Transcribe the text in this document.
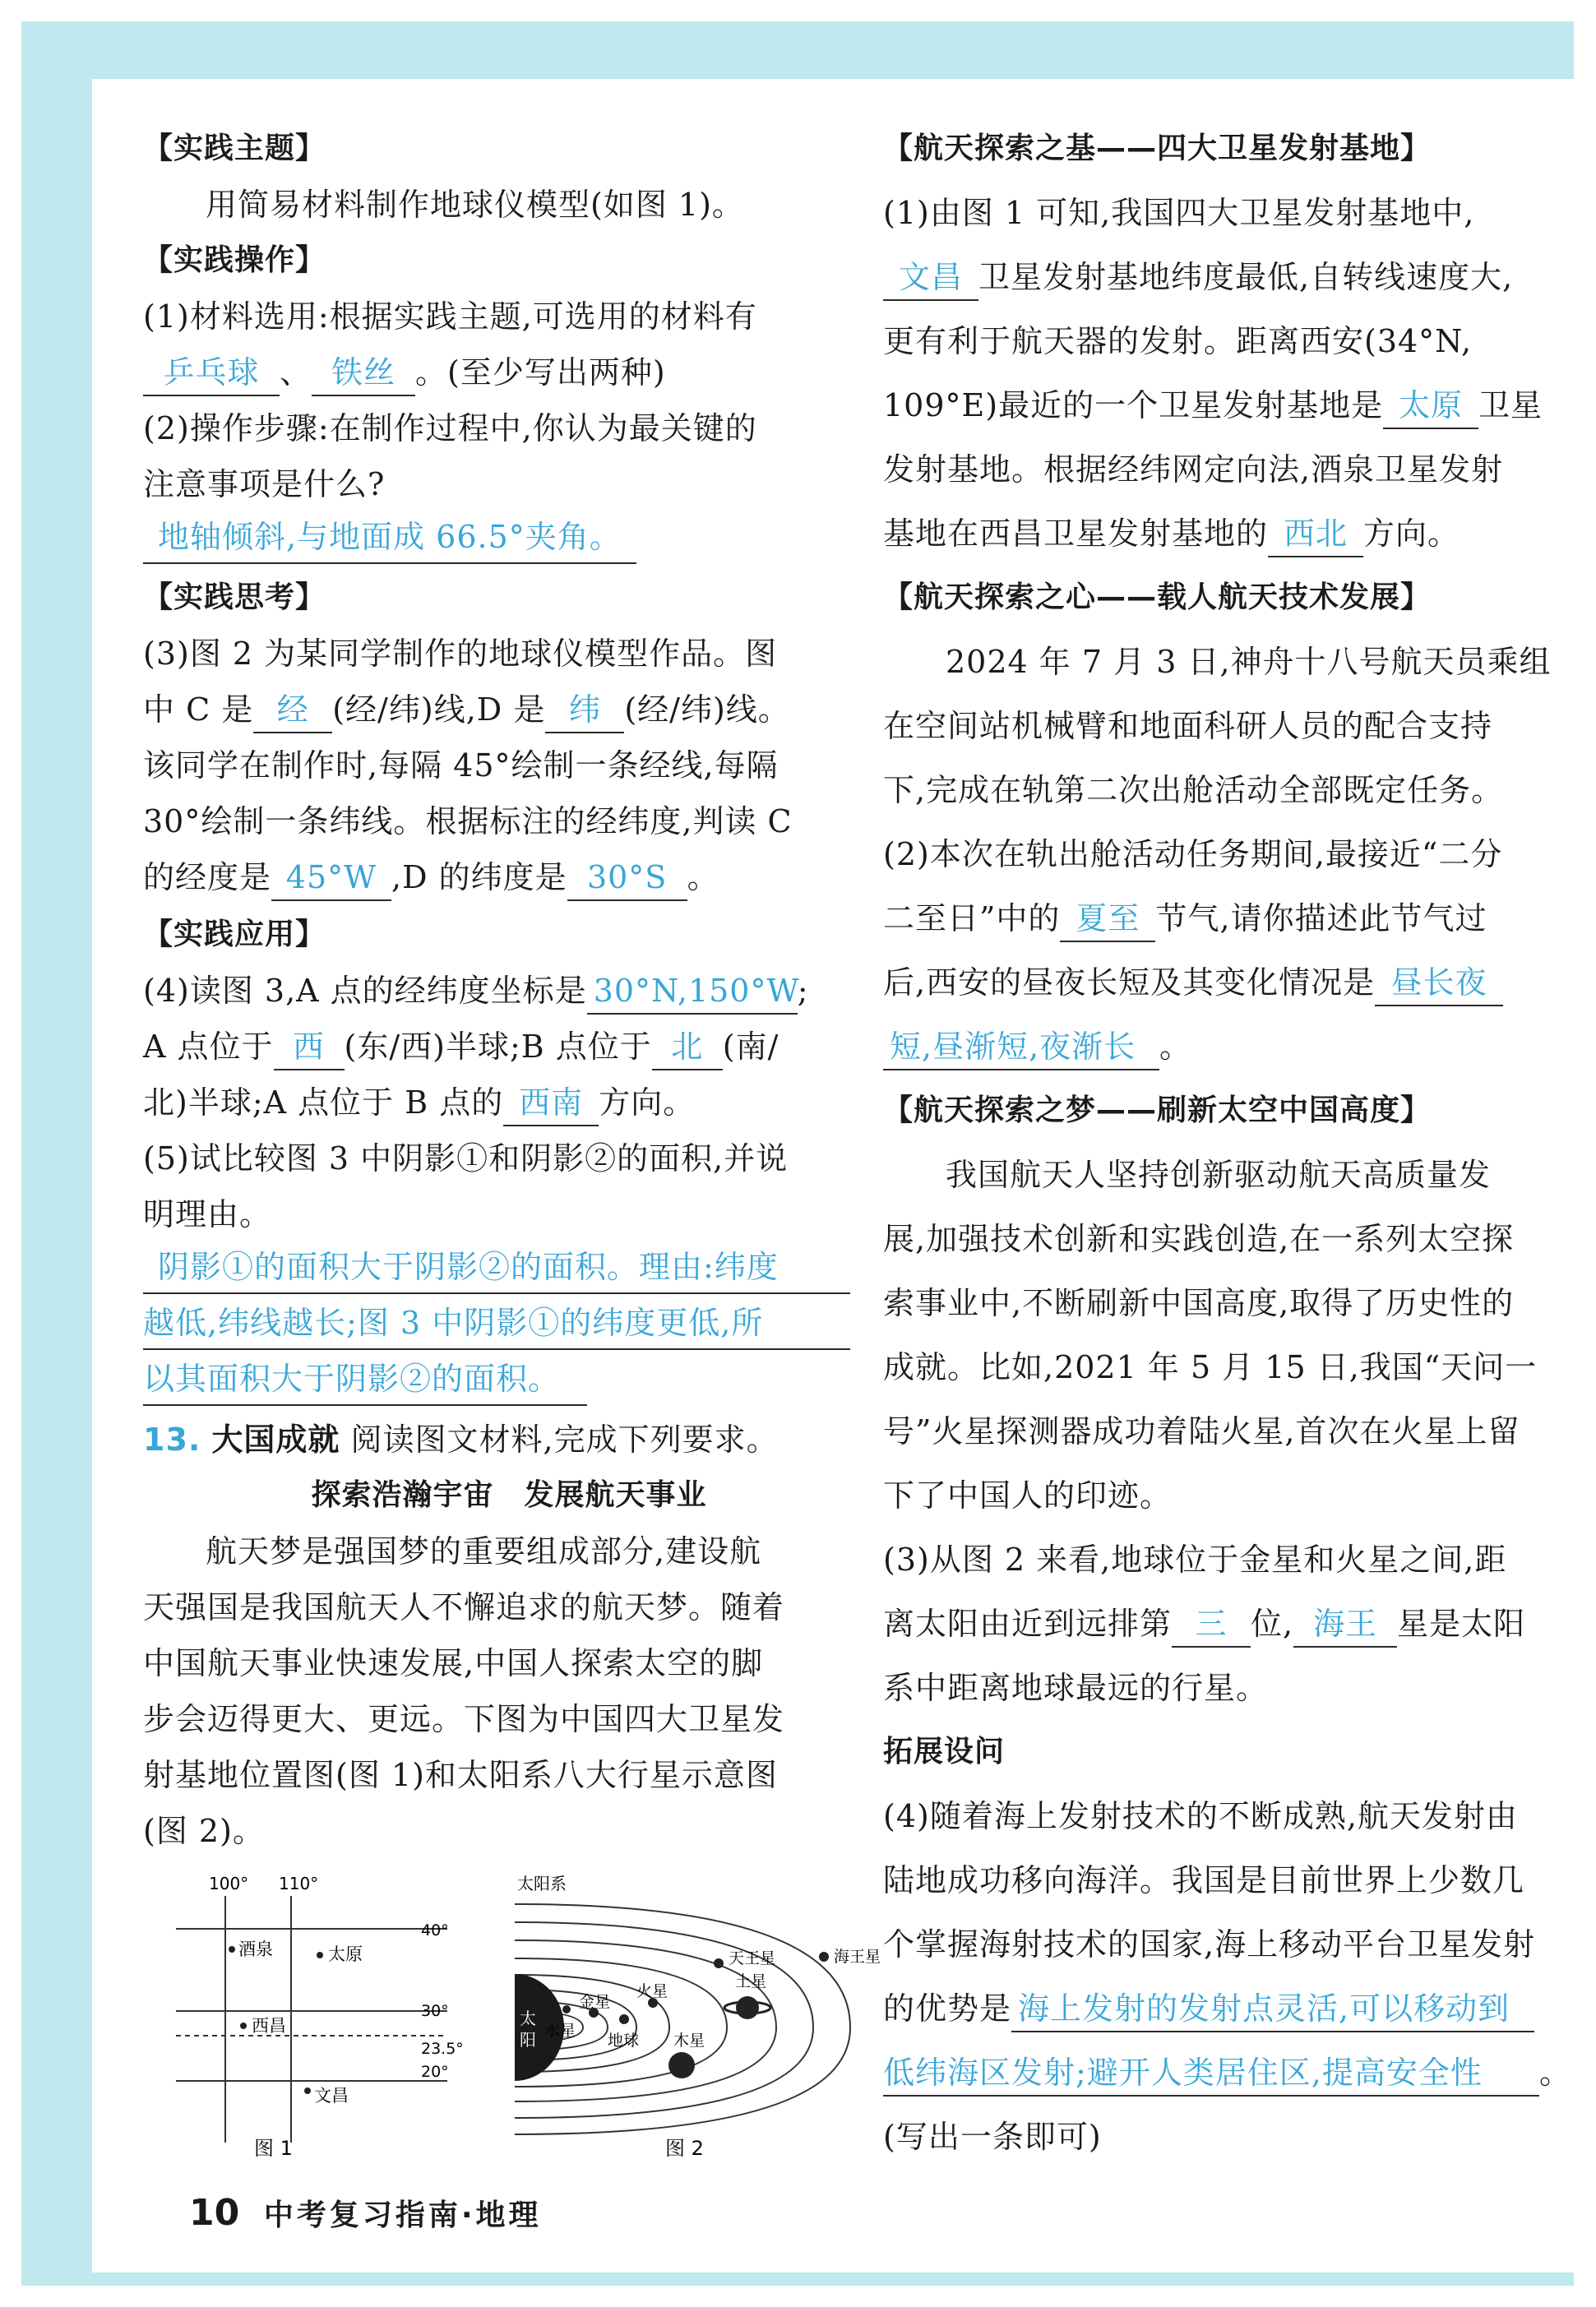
【实践主题】
用简易材料制作地球仪模型(如图 1)。
【实践操作】
(1)材料选用:根据实践主题,可选用的材料有
乒乓球 、 铁丝 。(至少写出两种)
(2)操作步骤:在制作过程中,你认为最关键的
注意事项是什么?
地轴倾斜,与地面成 66.5°夹角。
【实践思考】
(3)图 2 为某同学制作的地球仪模型作品。图
中 C 是 经 (经/纬)线,D 是 纬 (经/纬)线。
该同学在制作时,每隔 45°绘制一条经线,每隔
30°绘制一条纬线。根据标注的经纬度,判读 C
的经度是 45°W ,D 的纬度是 30°S 。
【实践应用】
(4)读图 3,A 点的经纬度坐标是 30°N,150°W;
A 点位于 西 (东/西)半球;B 点位于 北 (南/
北)半球;A 点位于 B 点的 西南 方向。
(5)试比较图 3 中阴影①和阴影②的面积,并说
明理由。
阴影①的面积大于阴影②的面积。理由:纬度
越低,纬线越长;图 3 中阴影①的纬度更低,所
以其面积大于阴影②的面积。
13. 大国成就 阅读图文材料,完成下列要求。
探索浩瀚宇宙　发展航天事业
航天梦是强国梦的重要组成部分,建设航
天强国是我国航天人不懈追求的航天梦。随着
中国航天事业快速发展,中国人探索太空的脚
步会迈得更大、更远。下图为中国四大卫星发
射基地位置图(图 1)和太阳系八大行星示意图
(图 2)。
100° 110°
40°
30°
23.5°
20°
酒泉	太原
西昌
文昌
图 1
太阳系
太
阳 水星
金星
地球
火星
木星
土星
天王星	海王星
图 2
【航天探索之基——四大卫星发射基地】
(1)由图 1 可知,我国四大卫星发射基地中,
文昌 卫星发射基地纬度最低,自转线速度大,
更有利于航天器的发射。距离西安(34°N,
109°E)最近的一个卫星发射基地是 太原 卫星
发射基地。根据经纬网定向法,酒泉卫星发射
基地在西昌卫星发射基地的 西北 方向。
【航天探索之心——载人航天技术发展】
2024 年 7 月 3 日,神舟十八号航天员乘组
在空间站机械臂和地面科研人员的配合支持
下,完成在轨第二次出舱活动全部既定任务。
(2)本次在轨出舱活动任务期间,最接近“二分
二至日”中的 夏至 节气,请你描述此节气过
后,西安的昼夜长短及其变化情况是 昼长夜
短,昼渐短,夜渐长 。
【航天探索之梦——刷新太空中国高度】
我国航天人坚持创新驱动航天高质量发
展,加强技术创新和实践创造,在一系列太空探
索事业中,不断刷新中国高度,取得了历史性的
成就。比如,2021 年 5 月 15 日,我国“天问一
号”火星探测器成功着陆火星,首次在火星上留
下了中国人的印迹。
(3)从图 2 来看,地球位于金星和火星之间,距
离太阳由近到远排第 三 位, 海王 星是太阳
系中距离地球最远的行星。
拓展设问
(4)随着海上发射技术的不断成熟,航天发射由
陆地成功移向海洋。我国是目前世界上少数几
个掌握海射技术的国家,海上移动平台卫星发射
的优势是 海上发射的发射点灵活,可以移动到
低纬海区发射;避开人类居住区,提高安全性 。
(写出一条即可)
10 中考复习指南·地理
